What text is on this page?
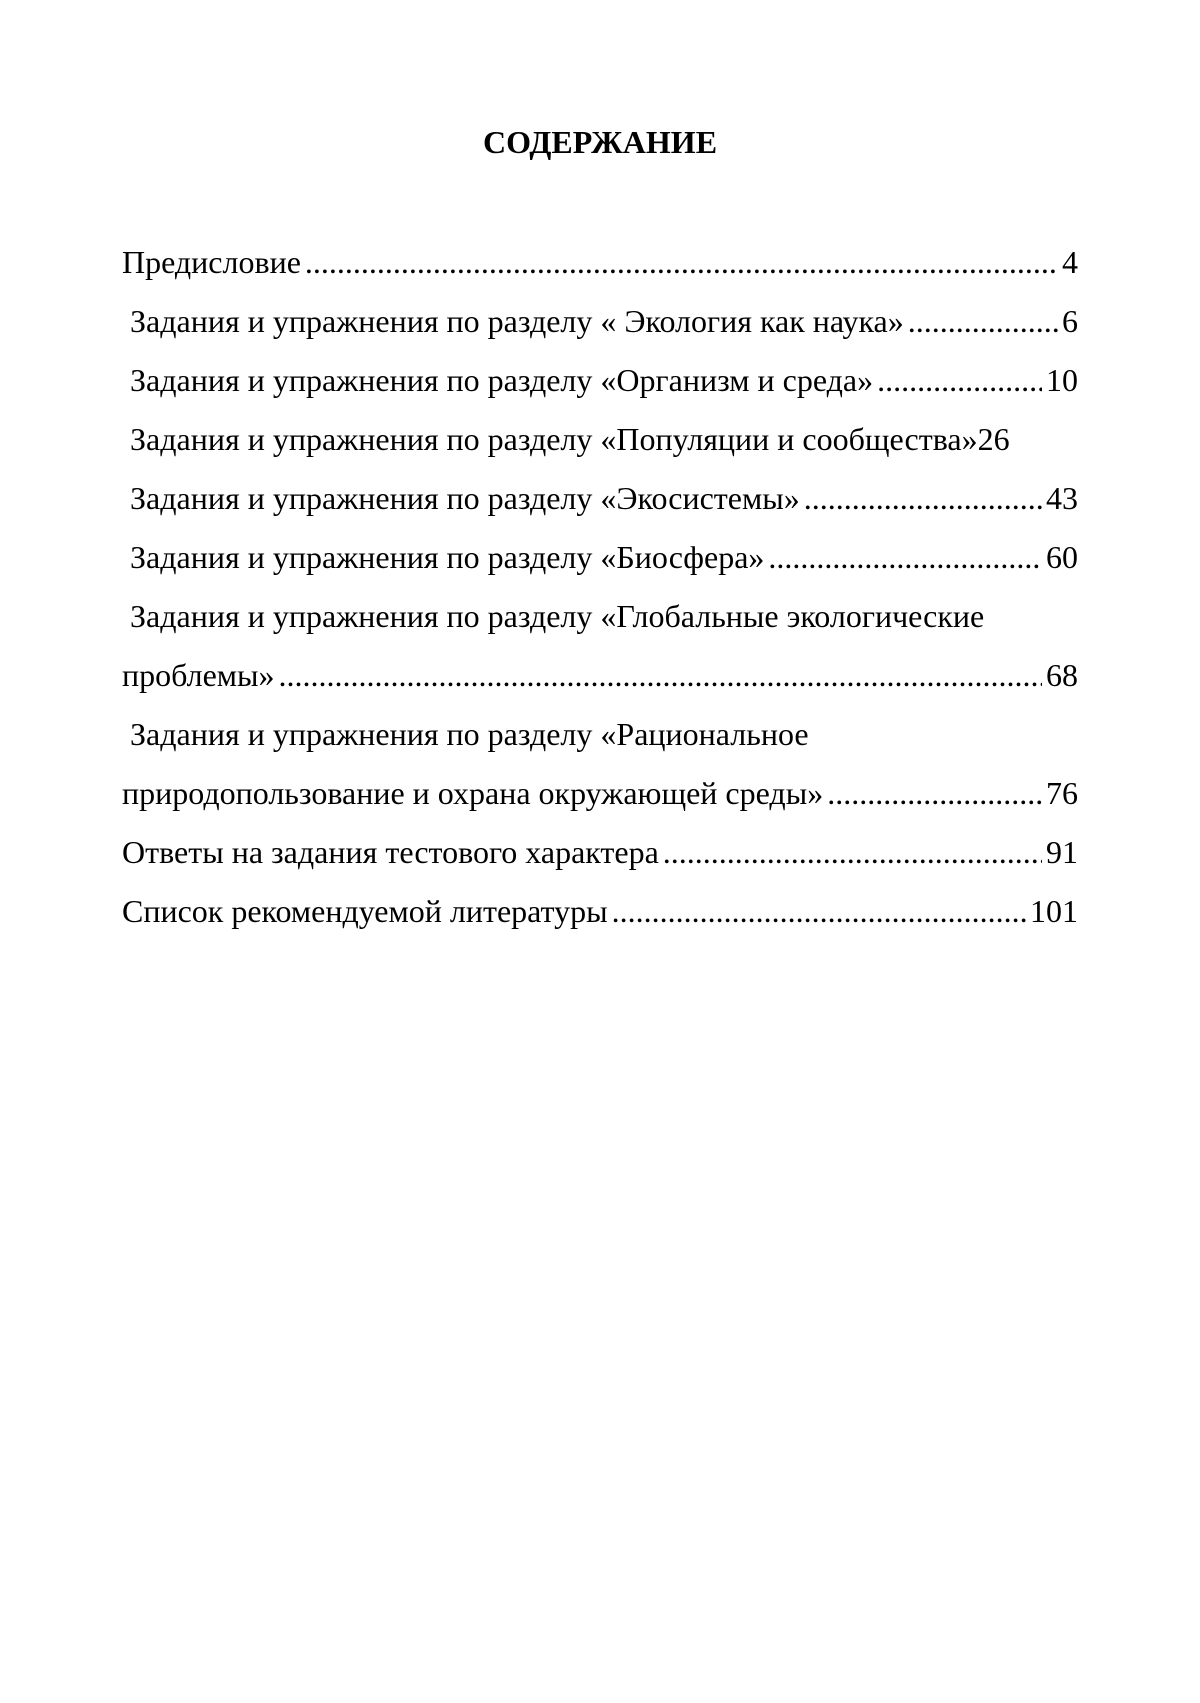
СОДЕРЖАНИЕ
Предисловие .....	4
Задания и упражнения по разделу « Экология как наука» .....	6
Задания и упражнения по разделу «Организм и среда» .....	10
Задания и упражнения по разделу «Популяции и сообщества» 26
Задания и упражнения по разделу «Экосистемы» .....	43
Задания и упражнения по разделу «Биосфера» .....	60
Задания и упражнения по разделу «Глобальные экологические
проблемы» .....	68
Задания и упражнения по разделу «Рациональное
природопользование и охрана окружающей среды» .....	76
Ответы на задания тестового характера .....	91
Список рекомендуемой литературы .....	101
